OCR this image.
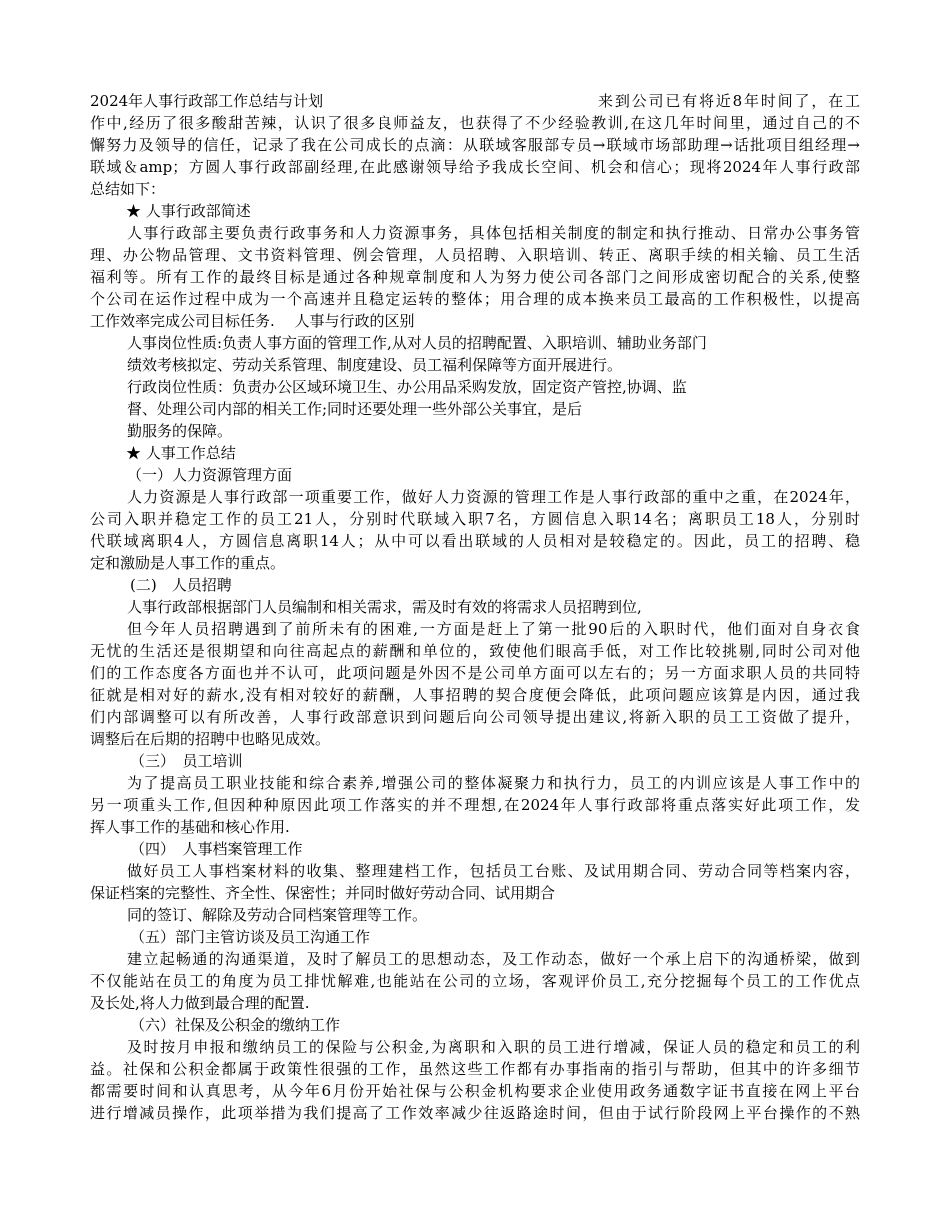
2024年人事行政部工作总结与计划	来到公司已有将近8年时间了，在工
作中,经历了很多酸甜苦辣，认识了很多良师益友，也获得了不少经验教训,在这几年时间里，通过自己的不
懈努力及领导的信任，记录了我在公司成长的点滴：从联域客服部专员→联域市场部助理→话批项目组经理→
联域＆amp；方圆人事行政部副经理,在此感谢领导给予我成长空间、机会和信心；现将2024年人事行政部
总结如下：
★ 人事行政部简述
人事行政部主要负责行政事务和人力资源事务，具体包括相关制度的制定和执行推动、日常办公事务管
理、办公物品管理、文书资料管理、例会管理，人员招聘、入职培训、转正、离职手续的相关输、员工生活
福利等。所有工作的最终目标是通过各种规章制度和人为努力使公司各部门之间形成密切配合的关系,使整
个公司在运作过程中成为一个高速并且稳定运转的整体；用合理的成本换来员工最高的工作积极性，以提高
工作效率完成公司目标任务.　 人事与行政的区别
人事岗位性质:负责人事方面的管理工作,从对人员的招聘配置、入职培训、辅助业务部门
绩效考核拟定、劳动关系管理、制度建设、员工福利保障等方面开展进行。
行政岗位性质：负责办公区域环境卫生、办公用品采购发放，固定资产管控,协调、监
督、处理公司内部的相关工作;同时还要处理一些外部公关事宜，是后
勤服务的保障。
★ 人事工作总结
（一）人力资源管理方面
人力资源是人事行政部一项重要工作，做好人力资源的管理工作是人事行政部的重中之重，在2024年，
公司入职并稳定工作的员工21人，分别时代联域入职7名，方圆信息入职14名；离职员工18人，分别时
代联域离职4人，方圆信息离职14人；从中可以看出联域的人员相对是较稳定的。因此，员工的招聘、稳
定和激励是人事工作的重点。
(二)　人员招聘
人事行政部根据部门人员编制和相关需求，需及时有效的将需求人员招聘到位,
但今年人员招聘遇到了前所未有的困难,一方面是赶上了第一批90后的入职时代，他们面对自身衣食
无忧的生活还是很期望和向往高起点的薪酬和单位的，致使他们眼高手低，对工作比较挑剔,同时公司对他
们的工作态度各方面也并不认可，此项问题是外因不是公司单方面可以左右的；另一方面求职人员的共同特
征就是相对好的薪水,没有相对较好的薪酬，人事招聘的契合度便会降低，此项问题应该算是内因，通过我
们内部调整可以有所改善，人事行政部意识到问题后向公司领导提出建议,将新入职的员工工资做了提升，
调整后在后期的招聘中也略见成效。
（三）　员工培训
为了提高员工职业技能和综合素养,增强公司的整体凝聚力和执行力，员工的内训应该是人事工作中的
另一项重头工作,但因种种原因此项工作落实的并不理想,在2024年人事行政部将重点落实好此项工作，发
挥人事工作的基础和核心作用.
（四）　人事档案管理工作
做好员工人事档案材料的收集、整理建档工作，包括员工台账、及试用期合同、劳动合同等档案内容，
保证档案的完整性、齐全性、保密性；并同时做好劳动合同、试用期合
同的签订、解除及劳动合同档案管理等工作。
（五）部门主管访谈及员工沟通工作
建立起畅通的沟通渠道，及时了解员工的思想动态，及工作动态，做好一个承上启下的沟通桥梁，做到
不仅能站在员工的角度为员工排忧解难,也能站在公司的立场，客观评价员工,充分挖掘每个员工的工作优点
及长处,将人力做到最合理的配置.
（六）社保及公积金的缴纳工作
及时按月申报和缴纳员工的保险与公积金,为离职和入职的员工进行增减，保证人员的稳定和员工的利
益。社保和公积金都属于政策性很强的工作，虽然这些工作都有办事指南的指引与帮助，但其中的许多细节
都需要时间和认真思考，从今年6月份开始社保与公积金机构要求企业使用政务通数字证书直接在网上平台
进行增减员操作，此项举措为我们提高了工作效率减少往返路途时间，但由于试行阶段网上平台操作的不熟
